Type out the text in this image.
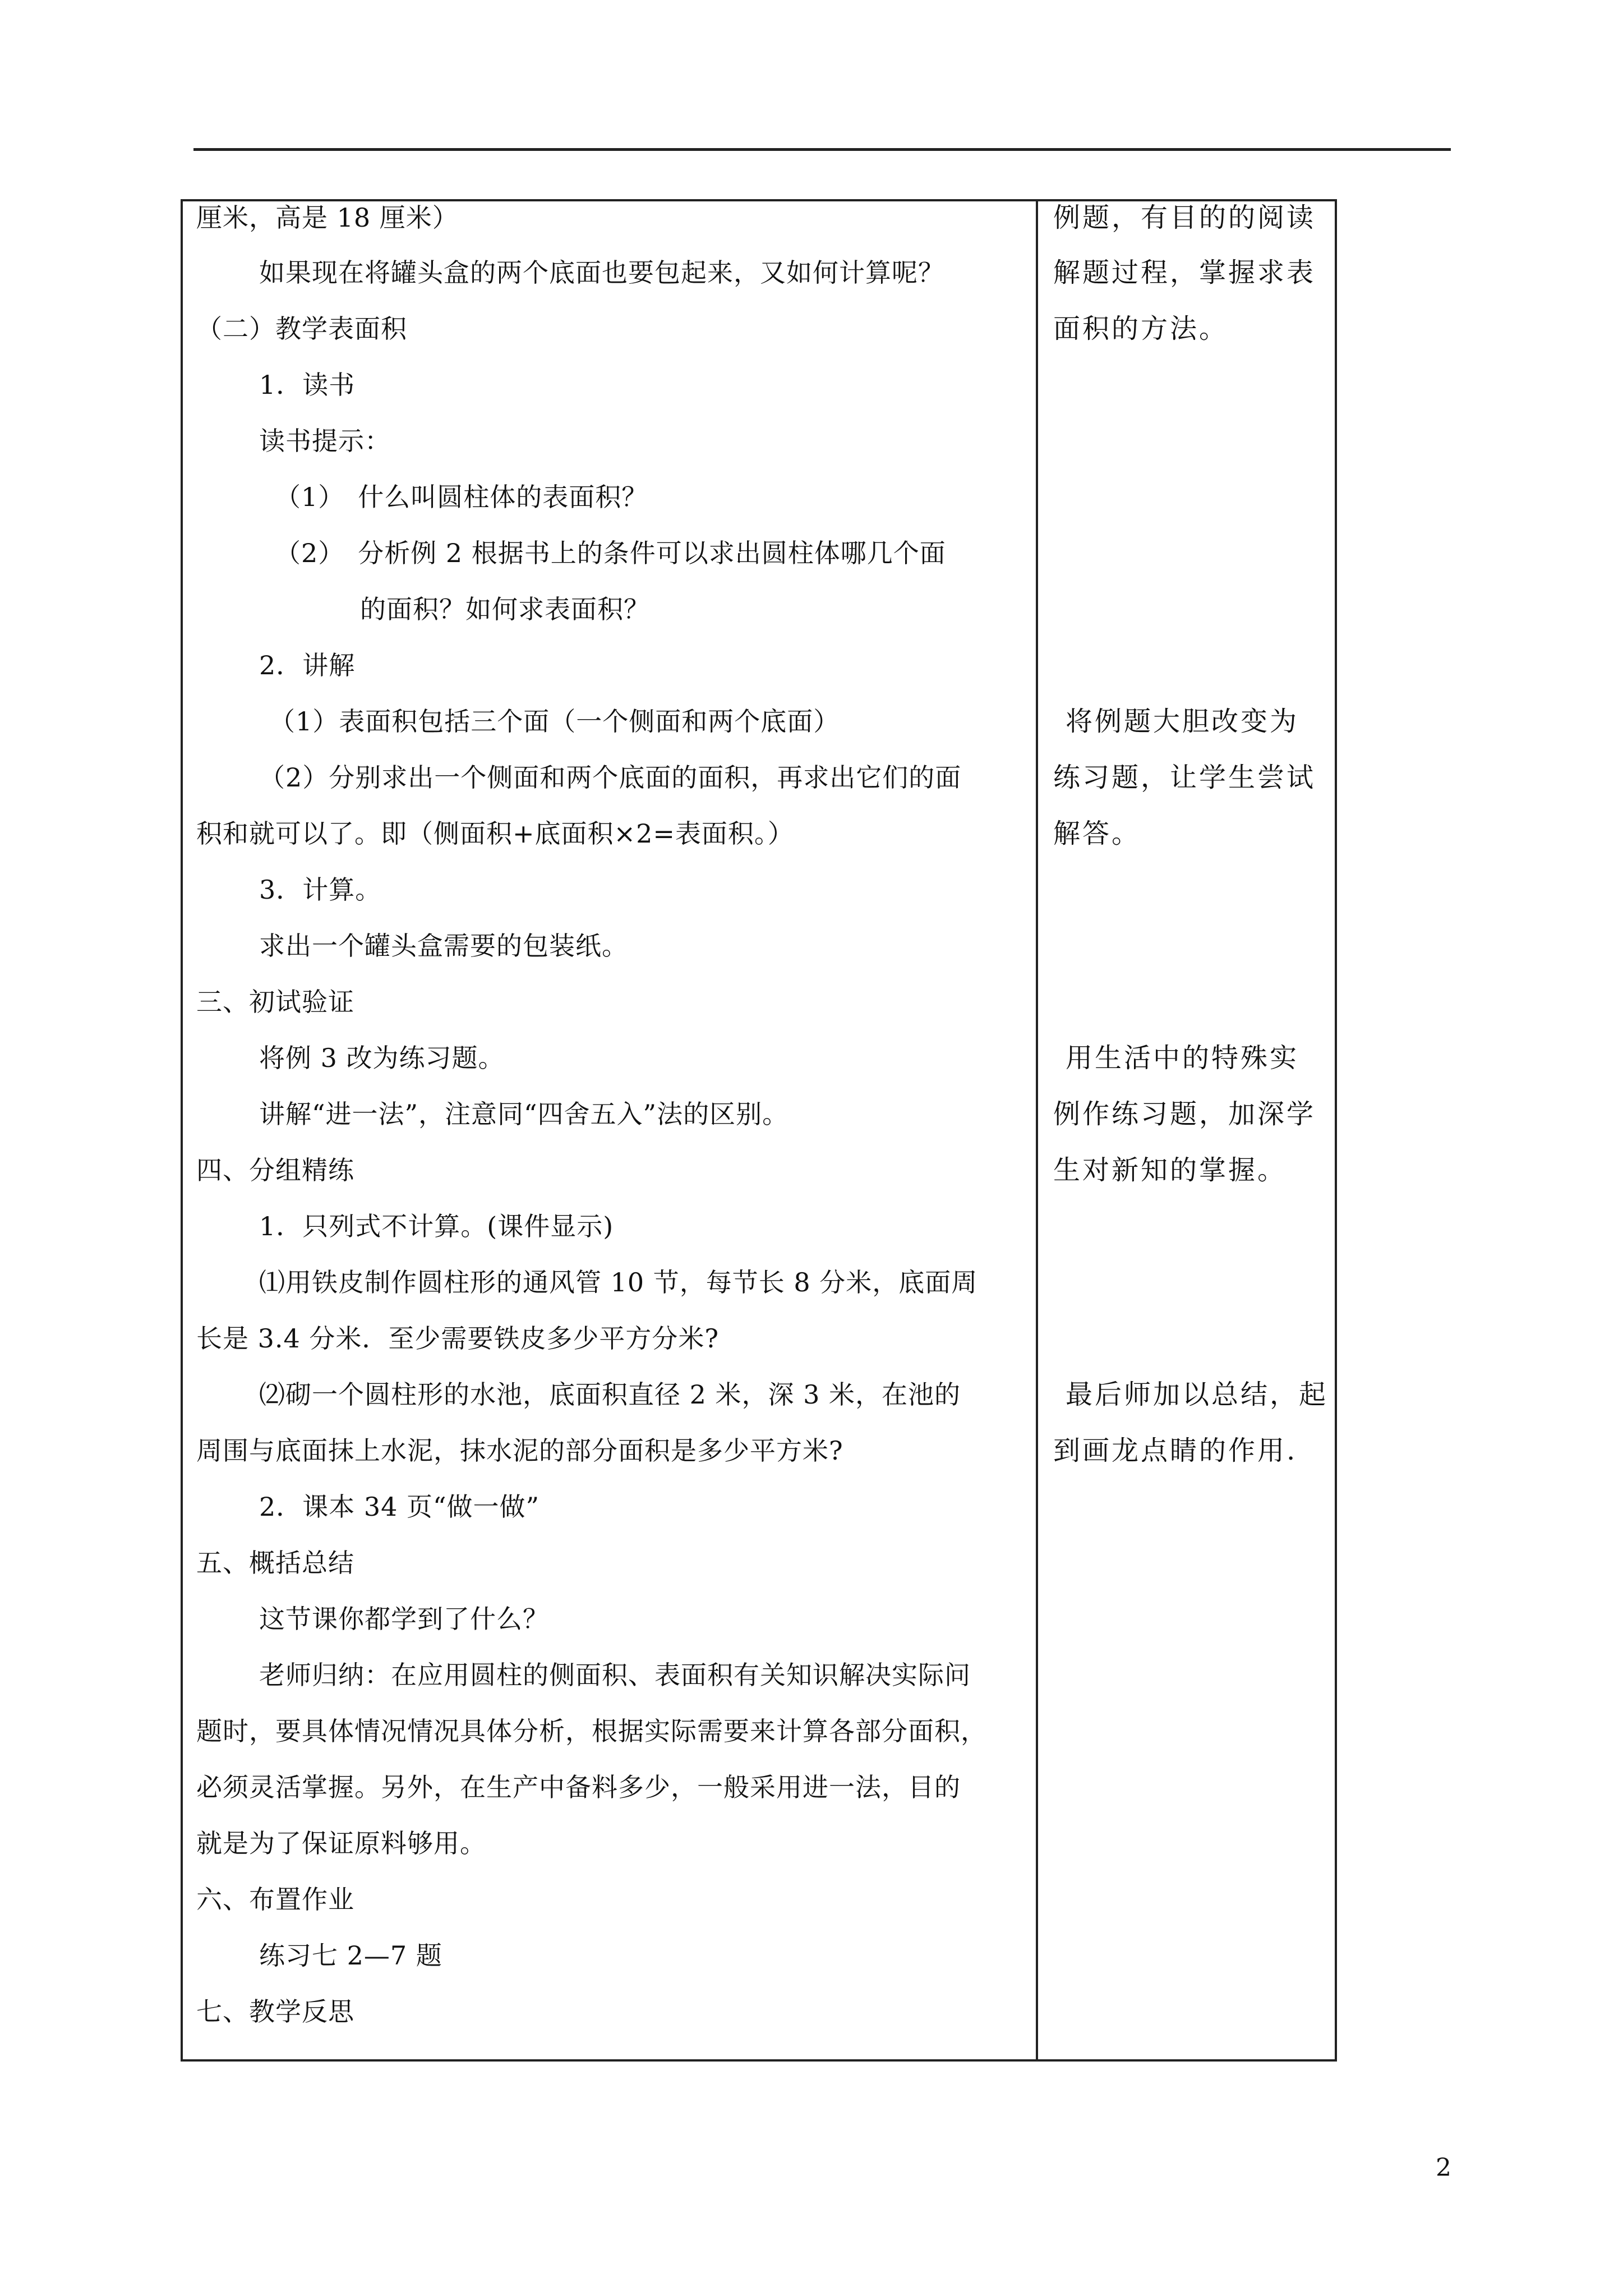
厘米，高是 18 厘米）
如果现在将罐头盒的两个底面也要包起来，又如何计算呢？
（二）教学表面积
1．读书
读书提示：
（1）　什么叫圆柱体的表面积？
（2）　分析例 2 根据书上的条件可以求出圆柱体哪几个面
的面积？如何求表面积？
2．讲解
（1）表面积包括三个面（一个侧面和两个底面）
（2）分别求出一个侧面和两个底面的面积，再求出它们的面
积和就可以了。即（侧面积+底面积×2=表面积。）
3．计算。
求出一个罐头盒需要的包装纸。
三、初试验证
将例 3 改为练习题。
讲解“进一法”，注意同“四舍五入”法的区别。
四、分组精练
1．只列式不计算。(课件显示)
⑴用铁皮制作圆柱形的通风管 10 节，每节长 8 分米，底面周
长是 3.4 分米．至少需要铁皮多少平方分米?
⑵砌一个圆柱形的水池，底面积直径 2 米，深 3 米，在池的
周围与底面抹上水泥，抹水泥的部分面积是多少平方米?
2．课本 34 页“做一做”
五、概括总结
这节课你都学到了什么？
老师归纳：在应用圆柱的侧面积、表面积有关知识解决实际问
题时，要具体情况情况具体分析，根据实际需要来计算各部分面积，
必须灵活掌握。另外，在生产中备料多少，一般采用进一法，目的
就是为了保证原料够用。
六、布置作业
练习七 2—7 题
七、教学反思
例题，有目的的阅读
解题过程，掌握求表
面积的方法。
将例题大胆改变为
练习题，让学生尝试
解答。
用生活中的特殊实
例作练习题，加深学
生对新知的掌握。
最后师加以总结，起
到画龙点睛的作用.
2
